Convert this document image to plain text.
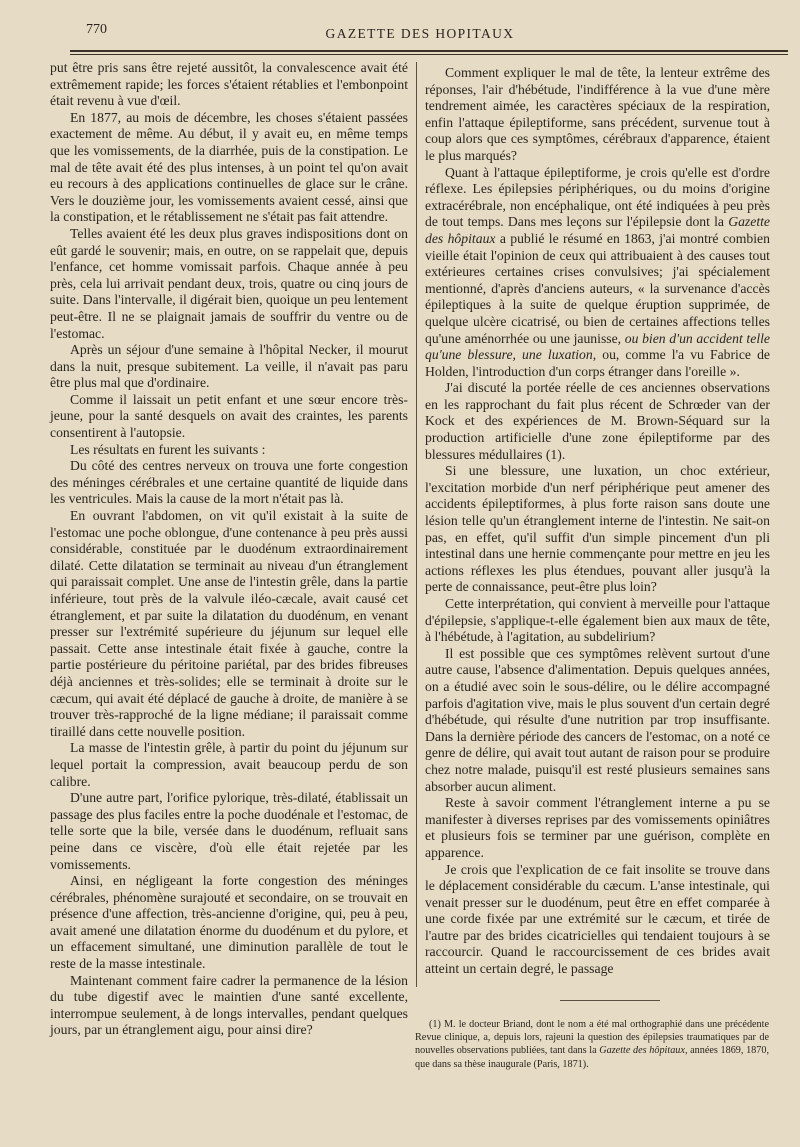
770	GAZETTE DES HOPITAUX

put être pris sans être rejeté aussitôt, la convalescence avait été extrêmement rapide; les forces s'étaient rétablies et l'embonpoint était revenu à vue d'œil.

En 1877, au mois de décembre, les choses s'étaient passées exactement de même. Au début, il y avait eu, en même temps que les vomissements, de la diarrhée, puis de la constipation. Le mal de tête avait été des plus intenses, à un point tel qu'on avait eu recours à des applications continuelles de glace sur le crâne. Vers le douzième jour, les vomissements avaient cessé, ainsi que la constipation, et le rétablissement ne s'était pas fait attendre.

Telles avaient été les deux plus graves indispositions dont on eût gardé le souvenir; mais, en outre, on se rappelait que, depuis l'enfance, cet homme vomissait parfois. Chaque année à peu près, cela lui arrivait pendant deux, trois, quatre ou cinq jours de suite. Dans l'intervalle, il digérait bien, quoique un peu lentement peut-être. Il ne se plaignait jamais de souffrir du ventre ou de l'estomac.

Après un séjour d'une semaine à l'hôpital Necker, il mourut dans la nuit, presque subitement. La veille, il n'avait pas paru être plus mal que d'ordinaire.

Comme il laissait un petit enfant et une sœur encore très-jeune, pour la santé desquels on avait des craintes, les parents consentirent à l'autopsie.

Les résultats en furent les suivants :

Du côté des centres nerveux on trouva une forte congestion des méninges cérébrales et une certaine quantité de liquide dans les ventricules. Mais la cause de la mort n'était pas là.

En ouvrant l'abdomen, on vit qu'il existait à la suite de l'estomac une poche oblongue, d'une contenance à peu près aussi considérable, constituée par le duodénum extraordinairement dilaté. Cette dilatation se terminait au niveau d'un étranglement qui paraissait complet. Une anse de l'intestin grêle, dans la partie inférieure, tout près de la valvule iléo-cæcale, avait causé cet étranglement, et par suite la dilatation du duodénum, en venant presser sur l'extrémité supérieure du jéjunum sur lequel elle passait. Cette anse intestinale était fixée à gauche, contre la partie postérieure du péritoine pariétal, par des brides fibreuses déjà anciennes et très-solides; elle se terminait à droite sur le cæcum, qui avait été déplacé de gauche à droite, de manière à se trouver très-rapproché de la ligne médiane; il paraissait comme tiraillé dans cette nouvelle position.

La masse de l'intestin grêle, à partir du point du jéjunum sur lequel portait la compression, avait beaucoup perdu de son calibre.

D'une autre part, l'orifice pylorique, très-dilaté, établissait un passage des plus faciles entre la poche duodénale et l'estomac, de telle sorte que la bile, versée dans le duodénum, refluait sans peine dans ce viscère, d'où elle était rejetée par les vomissements.

Ainsi, en négligeant la forte congestion des méninges cérébrales, phénomène surajouté et secondaire, on se trouvait en présence d'une affection, très-ancienne d'origine, qui, peu à peu, avait amené une dilatation énorme du duodénum et du pylore, et un effacement simultané, une diminution parallèle de tout le reste de la masse intestinale.

Maintenant comment faire cadrer la permanence de la lésion du tube digestif avec le maintien d'une santé excellente, interrompue seulement, à de longs intervalles, pendant quelques jours, par un étranglement aigu, pour ainsi dire?

Comment expliquer le mal de tête, la lenteur extrême des réponses, l'air d'hébétude, l'indifférence à la vue d'une mère tendrement aimée, les caractères spéciaux de la respiration, enfin l'attaque épileptiforme, sans précédent, survenue tout à coup alors que ces symptômes, cérébraux d'apparence, étaient le plus marqués?

Quant à l'attaque épileptiforme, je crois qu'elle est d'ordre réflexe. Les épilepsies périphériques, ou du moins d'origine extracérébrale, non encéphalique, ont été indiquées à peu près de tout temps. Dans mes leçons sur l'épilepsie dont la Gazette des hôpitaux a publié le résumé en 1863, j'ai montré combien vieille était l'opinion de ceux qui attribuaient à des causes tout extérieures certaines crises convulsives; j'ai spécialement mentionné, d'après d'anciens auteurs, « la survenance d'accès épileptiques à la suite de quelque éruption supprimée, de quelque ulcère cicatrisé, ou bien de certaines affections telles qu'une aménorrhée ou une jaunisse, ou bien d'un accident telle qu'une blessure, une luxation, ou, comme l'a vu Fabrice de Holden, l'introduction d'un corps étranger dans l'oreille ».

J'ai discuté la portée réelle de ces anciennes observations en les rapprochant du fait plus récent de Schrœder van der Kock et des expériences de M. Brown-Séquard sur la production artificielle d'une zone épileptiforme par des blessures médullaires (1).

Si une blessure, une luxation, un choc extérieur, l'excitation morbide d'un nerf périphérique peut amener des accidents épileptiformes, à plus forte raison sans doute une lésion telle qu'un étranglement interne de l'intestin. Ne sait-on pas, en effet, qu'il suffit d'un simple pincement d'un pli intestinal dans une hernie commençante pour mettre en jeu les actions réflexes les plus étendues, pouvant aller jusqu'à la perte de connaissance, peut-être plus loin?

Cette interprétation, qui convient à merveille pour l'attaque d'épilepsie, s'applique-t-elle également bien aux maux de tête, à l'hébétude, à l'agitation, au subdelirium?

Il est possible que ces symptômes relèvent surtout d'une autre cause, l'absence d'alimentation. Depuis quelques années, on a étudié avec soin le sous-délire, ou le délire accompagné parfois d'agitation vive, mais le plus souvent d'un certain degré d'hébétude, qui résulte d'une nutrition par trop insuffisante. Dans la dernière période des cancers de l'estomac, on a noté ce genre de délire, qui avait tout autant de raison pour se produire chez notre malade, puisqu'il est resté plusieurs semaines sans absorber aucun aliment.

Reste à savoir comment l'étranglement interne a pu se manifester à diverses reprises par des vomissements opiniâtres et plusieurs fois se terminer par une guérison, complète en apparence.

Je crois que l'explication de ce fait insolite se trouve dans le déplacement considérable du cæcum. L'anse intestinale, qui venait presser sur le duodénum, peut être en effet comparée à une corde fixée par une extrémité sur le cæcum, et tirée de l'autre par des brides cicatricielles qui tendaient toujours à se raccourcir. Quand le raccourcissement de ces brides avait atteint un certain degré, le passage

(1) M. le docteur Briand, dont le nom a été mal orthographié dans une précédente Revue clinique, a, depuis lors, rajeuni la question des épilepsies traumatiques par de nouvelles observations publiées, tant dans la Gazette des hôpitaux, années 1869, 1870, que dans sa thèse inaugurale (Paris, 1871).
